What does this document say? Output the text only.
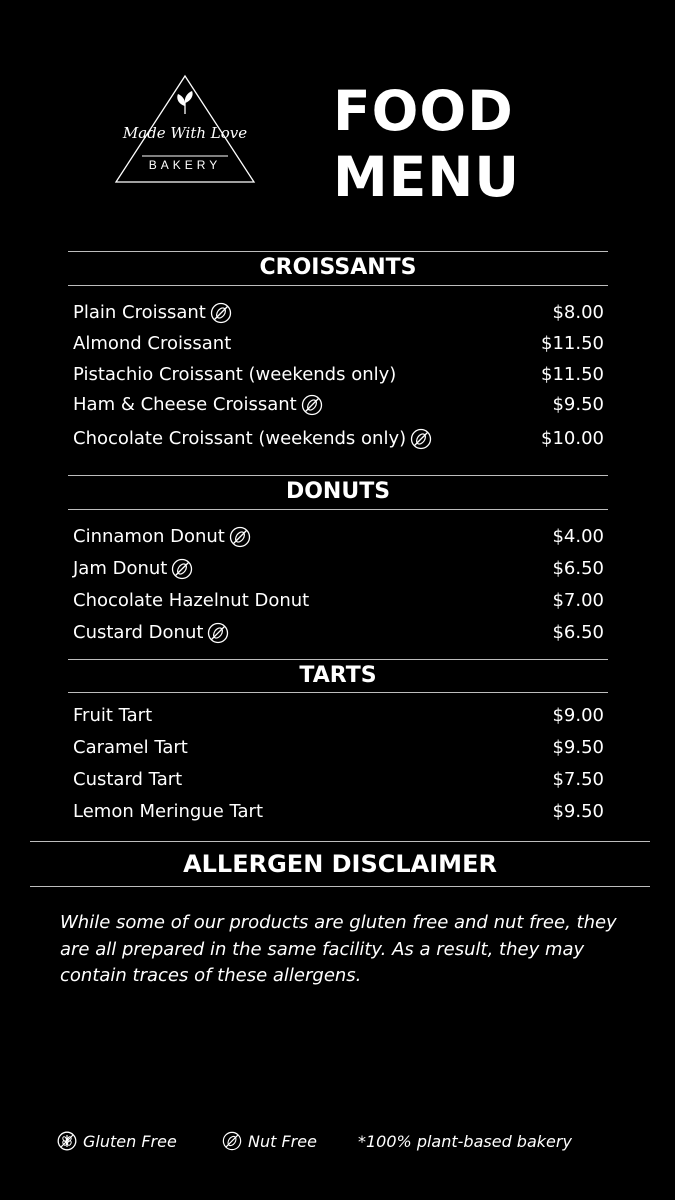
Made With Love
BAKERY
FOOD
MENU
CROISSANTS
Plain Croissant	$8.00
Almond Croissant	$11.50
Pistachio Croissant (weekends only)	$11.50
Ham & Cheese Croissant	$9.50
Chocolate Croissant (weekends only)	$10.00
DONUTS
Cinnamon Donut	$4.00
Jam Donut	$6.50
Chocolate Hazelnut Donut	$7.00
Custard Donut	$6.50
TARTS
Fruit Tart	$9.00
Caramel Tart	$9.50
Custard Tart	$7.50
Lemon Meringue Tart	$9.50
ALLERGEN DISCLAIMER
While some of our products are gluten free and nut free, they are all prepared in the same facility. As a result, they may contain traces of these allergens.
Gluten Free	Nut Free	*100% plant-based bakery
